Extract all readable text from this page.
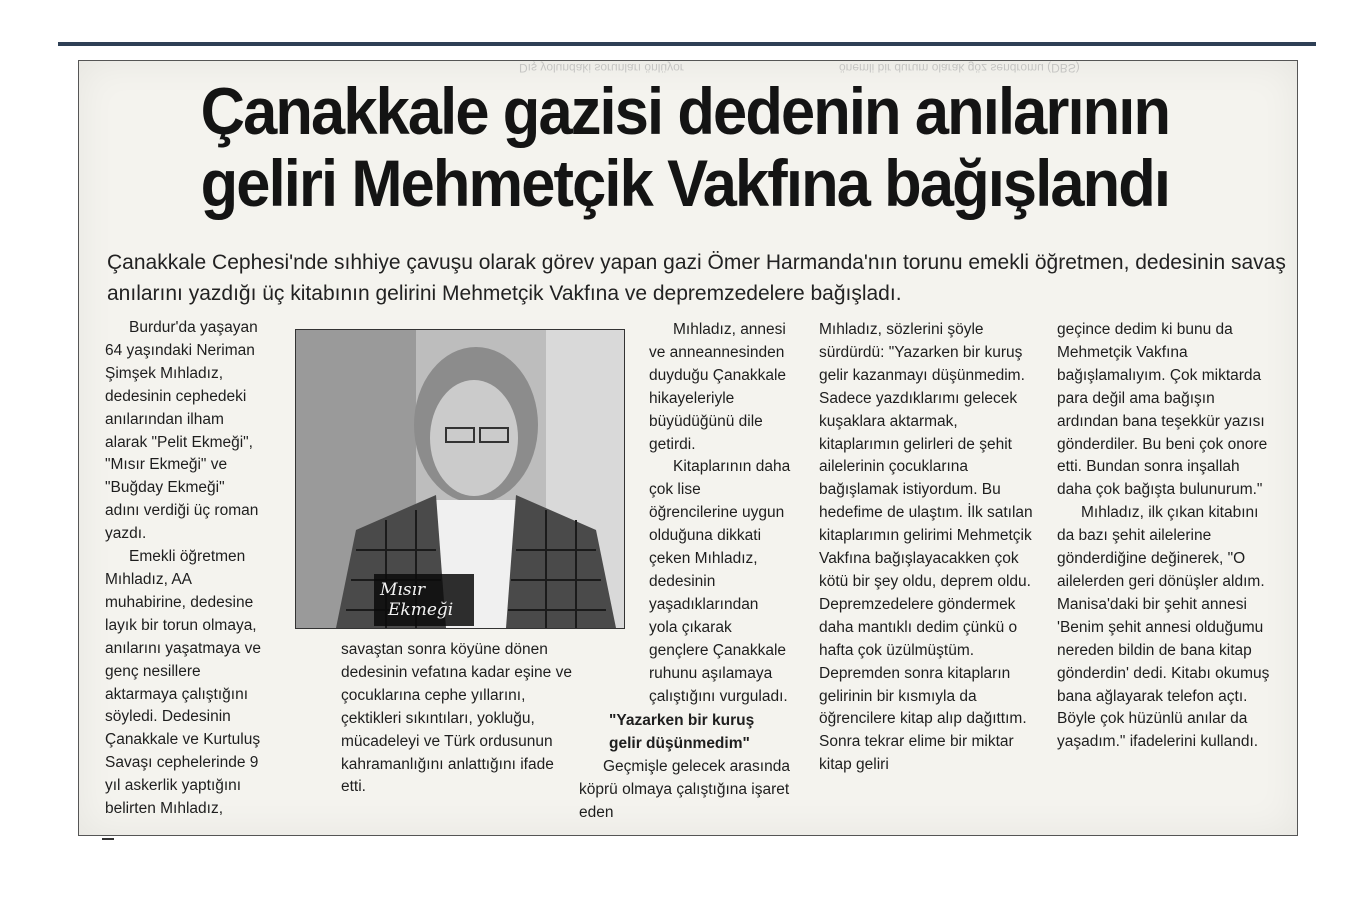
önemli bir durum olarak göz sendromu (DBS)
Dış yolundaki sorunları önlüyor
Çanakkale gazisi dedenin anılarının
geliri Mehmetçik Vakfına bağışlandı

Çanakkale Cephesi'nde sıhhiye çavuşu olarak görev yapan gazi Ömer Harmanda'nın torunu emekli öğretmen, dedesinin savaş anılarını yazdığı üç kitabının gelirini Mehmetçik Vakfına ve depremzedelere bağışladı.

Burdur'da yaşayan 64 yaşındaki Neriman Şimşek Mıhladız, dedesinin cephedeki anılarından ilham alarak "Pelit Ekmeği", "Mısır Ekmeği" ve "Buğday Ekmeği" adını verdiği üç roman yazdı.

Emekli öğretmen Mıhladız, AA muhabirine, dedesine layık bir torun olmaya, anılarını yaşatmaya ve genç nesillere aktarmaya çalıştığını söyledi. Dedesinin Çanakkale ve Kurtuluş Savaşı cephelerinde 9 yıl askerlik yaptığını belirten Mıhladız,

Mısır
Ekmeği

savaştan sonra köyüne dönen dedesinin vefatına kadar eşine ve çocuklarına cephe yıllarını, çektikleri sıkıntıları, yokluğu, mücadeleyi ve Türk ordusunun kahramanlığını anlattığını ifade etti.

Mıhladız, annesi ve anneannesinden duyduğu Çanakkale hikayeleriyle büyüdüğünü dile getirdi.

Kitaplarının daha çok lise öğrencilerine uygun olduğuna dikkati çeken Mıhladız, dedesinin yaşadıklarından yola çıkarak gençlere Çanakkale ruhunu aşılamaya çalıştığını vurguladı.

"Yazarken bir kuruş gelir düşünmedim"

Geçmişle gelecek arasında köprü olmaya çalıştığına işaret eden

Mıhladız, sözlerini şöyle sürdürdü: "Yazarken bir kuruş gelir kazanmayı düşünmedim. Sadece yazdıklarımı gelecek kuşaklara aktarmak, kitaplarımın gelirleri de şehit ailelerinin çocuklarına bağışlamak istiyordum. Bu hedefime de ulaştım. İlk satılan kitaplarımın gelirimi Mehmetçik Vakfına bağışlayacakken çok kötü bir şey oldu, deprem oldu. Depremzedelere göndermek daha mantıklı dedim çünkü o hafta çok üzülmüştüm. Depremden sonra kitapların gelirinin bir kısmıyla da öğrencilere kitap alıp dağıttım. Sonra tekrar elime bir miktar kitap geliri

geçince dedim ki bunu da Mehmetçik Vakfına bağışlamalıyım. Çok miktarda para değil ama bağışın ardından bana teşekkür yazısı gönderdiler. Bu beni çok onore etti. Bundan sonra inşallah daha çok bağışta bulunurum."

Mıhladız, ilk çıkan kitabını da bazı şehit ailelerine gönderdiğine değinerek, "O ailelerden geri dönüşler aldım. Manisa'daki bir şehit annesi 'Benim şehit annesi olduğumu nereden bildin de bana kitap gönderdin' dedi. Kitabı okumuş bana ağlayarak telefon açtı. Böyle çok hüzünlü anılar da yaşadım." ifadelerini kullandı.
